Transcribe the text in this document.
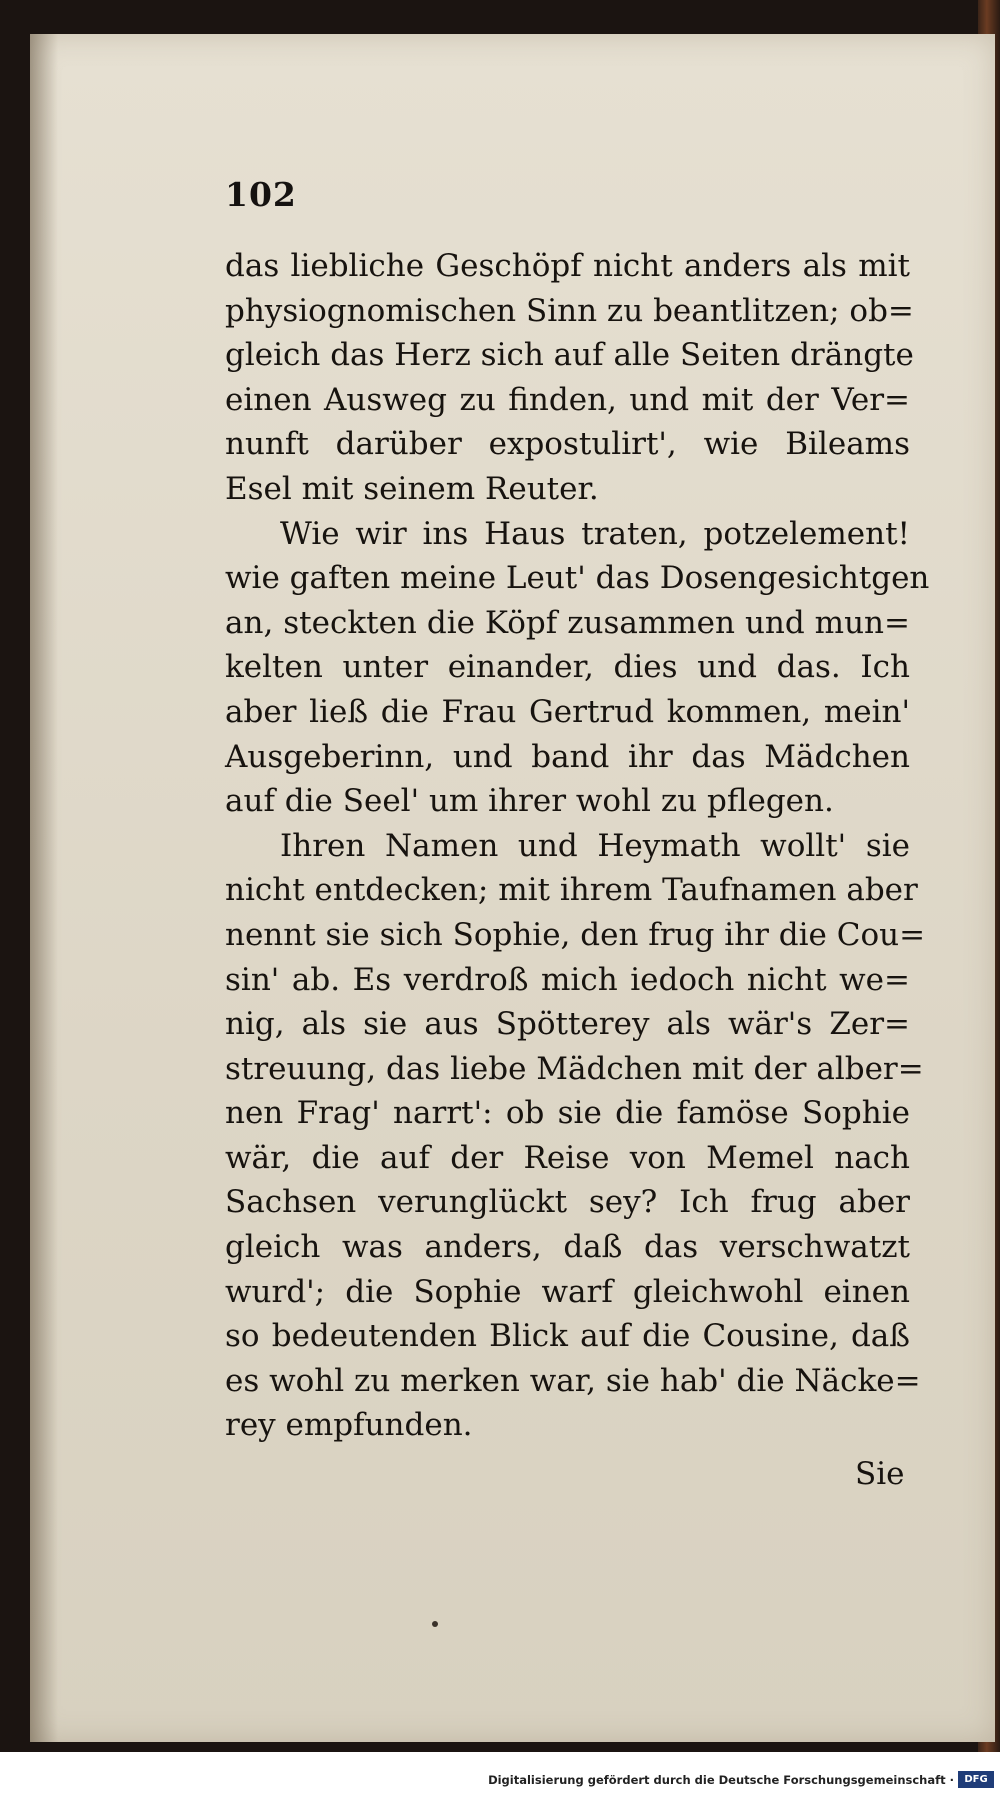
102
das liebliche Geschöpf nicht anders als mit
physiognomischen Sinn zu beantlitzen; ob=
gleich das Herz sich auf alle Seiten drängte
einen Ausweg zu finden, und mit der Ver=
nunft darüber expostulirt', wie Bileams
Esel mit seinem Reuter.
Wie wir ins Haus traten, potzelement!
wie gaften meine Leut' das Dosengesichtgen
an, steckten die Köpf zusammen und mun=
kelten unter einander, dies und das. Ich
aber ließ die Frau Gertrud kommen, mein'
Ausgeberinn, und band ihr das Mädchen
auf die Seel' um ihrer wohl zu pflegen.
Ihren Namen und Heymath wollt' sie
nicht entdecken; mit ihrem Taufnamen aber
nennt sie sich Sophie, den frug ihr die Cou=
sin' ab. Es verdroß mich iedoch nicht we=
nig, als sie aus Spötterey als wär's Zer=
streuung, das liebe Mädchen mit der alber=
nen Frag' narrt': ob sie die famöse Sophie
wär, die auf der Reise von Memel nach
Sachsen verunglückt sey? Ich frug aber
gleich was anders, daß das verschwatzt
wurd'; die Sophie warf gleichwohl einen
so bedeutenden Blick auf die Cousine, daß
es wohl zu merken war, sie hab' die Näcke=
rey empfunden.
Sie
Digitalisierung gefördert durch die Deutsche Forschungsgemeinschaft ·	DFG
